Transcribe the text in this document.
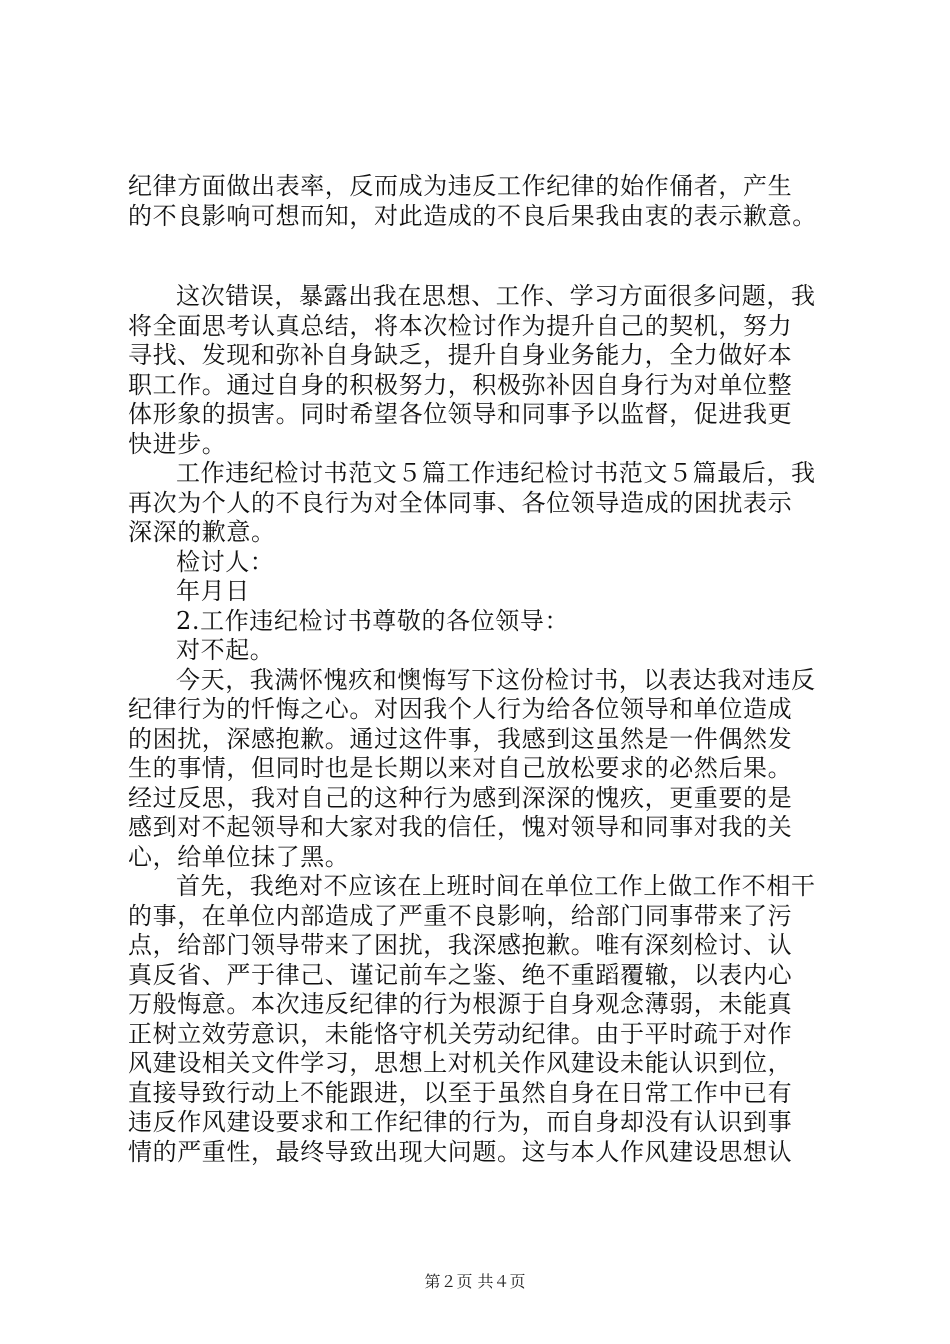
纪律方面做出表率，反而成为违反工作纪律的始作俑者，产生
的不良影响可想而知，对此造成的不良后果我由衷的表示歉意。
这次错误，暴露出我在思想、工作、学习方面很多问题，我
将全面思考认真总结，将本次检讨作为提升自己的契机，努力
寻找、发现和弥补自身缺乏，提升自身业务能力，全力做好本
职工作。通过自身的积极努力，积极弥补因自身行为对单位整
体形象的损害。同时希望各位领导和同事予以监督，促进我更
快进步。
工作违纪检讨书范文５篇工作违纪检讨书范文５篇最后，我
再次为个人的不良行为对全体同事、各位领导造成的困扰表示
深深的歉意。
检讨人：
年月日
2.工作违纪检讨书尊敬的各位领导：
对不起。
今天，我满怀愧疚和懊悔写下这份检讨书，以表达我对违反
纪律行为的忏悔之心。对因我个人行为给各位领导和单位造成
的困扰，深感抱歉。通过这件事，我感到这虽然是一件偶然发
生的事情，但同时也是长期以来对自己放松要求的必然后果。
经过反思，我对自己的这种行为感到深深的愧疚，更重要的是
感到对不起领导和大家对我的信任，愧对领导和同事对我的关
心，给单位抹了黑。
首先，我绝对不应该在上班时间在单位工作上做工作不相干
的事，在单位内部造成了严重不良影响，给部门同事带来了污
点，给部门领导带来了困扰，我深感抱歉。唯有深刻检讨、认
真反省、严于律己、谨记前车之鉴、绝不重蹈覆辙，以表内心
万般悔意。本次违反纪律的行为根源于自身观念薄弱，未能真
正树立效劳意识，未能恪守机关劳动纪律。由于平时疏于对作
风建设相关文件学习，思想上对机关作风建设未能认识到位，
直接导致行动上不能跟进，以至于虽然自身在日常工作中已有
违反作风建设要求和工作纪律的行为，而自身却没有认识到事
情的严重性，最终导致出现大问题。这与本人作风建设思想认
第２页 共４页
